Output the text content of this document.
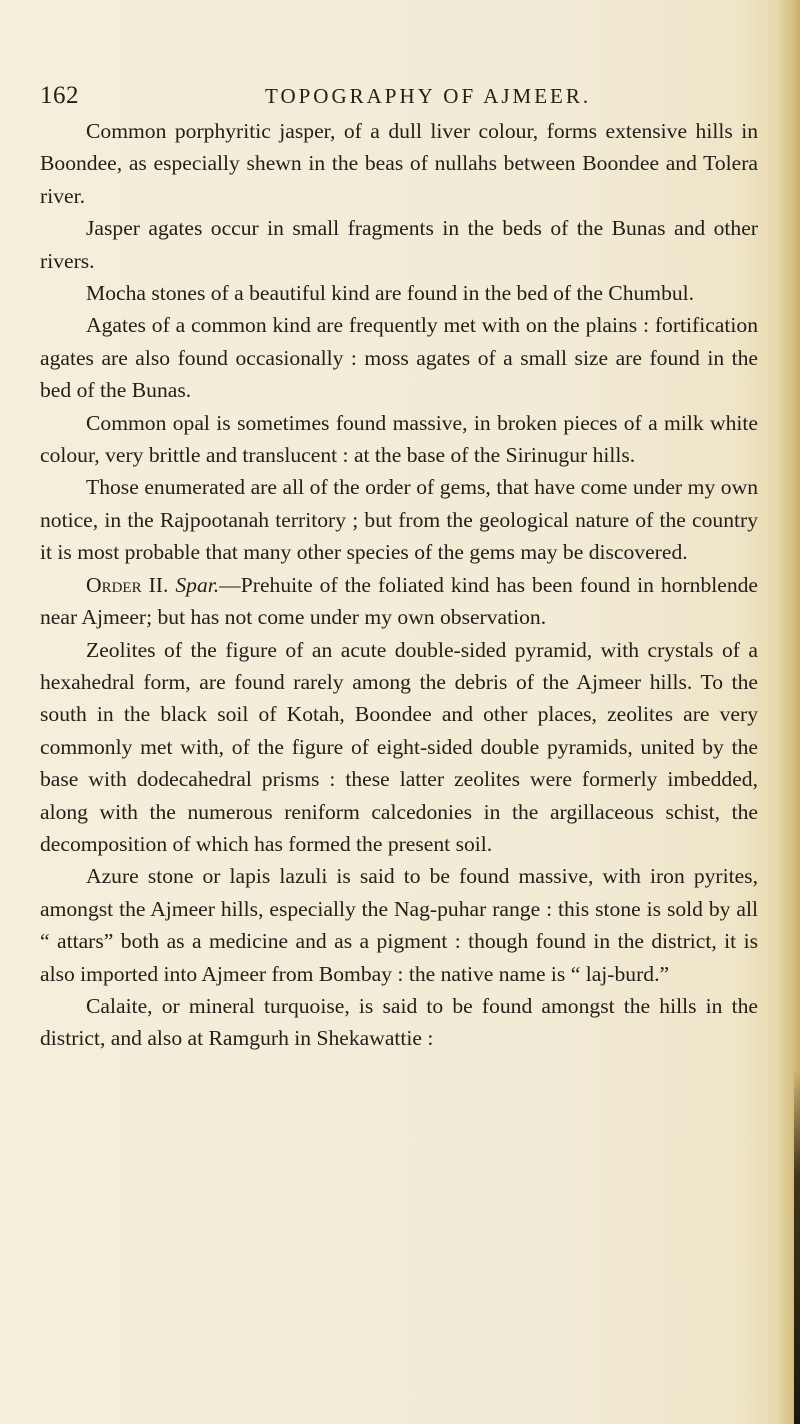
162	TOPOGRAPHY OF AJMEER.

Common porphyritic jasper, of a dull liver colour, forms extensive hills in Boondee, as especially shewn in the beas of nullahs between Boondee and Tolera river.

Jasper agates occur in small fragments in the beds of the Bunas and other rivers.

Mocha stones of a beautiful kind are found in the bed of the Chumbul.

Agates of a common kind are frequently met with on the plains : fortification agates are also found occasionally : moss agates of a small size are found in the bed of the Bunas.

Common opal is sometimes found massive, in broken pieces of a milk white colour, very brittle and translucent : at the base of the Sirinugur hills.

Those enumerated are all of the order of gems, that have come under my own notice, in the Rajpootanah territory ; but from the geological nature of the country it is most probable that many other species of the gems may be discovered.

Order II. Spar.—Prehuite of the foliated kind has been found in hornblende near Ajmeer; but has not come under my own observation.

Zeolites of the figure of an acute double-sided pyramid, with crystals of a hexahedral form, are found rarely among the debris of the Ajmeer hills. To the south in the black soil of Kotah, Boondee and other places, zeolites are very commonly met with, of the figure of eight-sided double pyramids, united by the base with dodecahedral prisms : these latter zeolites were formerly imbedded, along with the numerous reniform calcedonies in the argillaceous schist, the decomposition of which has formed the present soil.

Azure stone or lapis lazuli is said to be found massive, with iron pyrites, amongst the Ajmeer hills, especially the Nag-puhar range : this stone is sold by all “ attars” both as a medicine and as a pigment : though found in the district, it is also imported into Ajmeer from Bombay : the native name is “ laj-burd.”

Calaite, or mineral turquoise, is said to be found amongst the hills in the district, and also at Ramgurh in Shekawattie :
